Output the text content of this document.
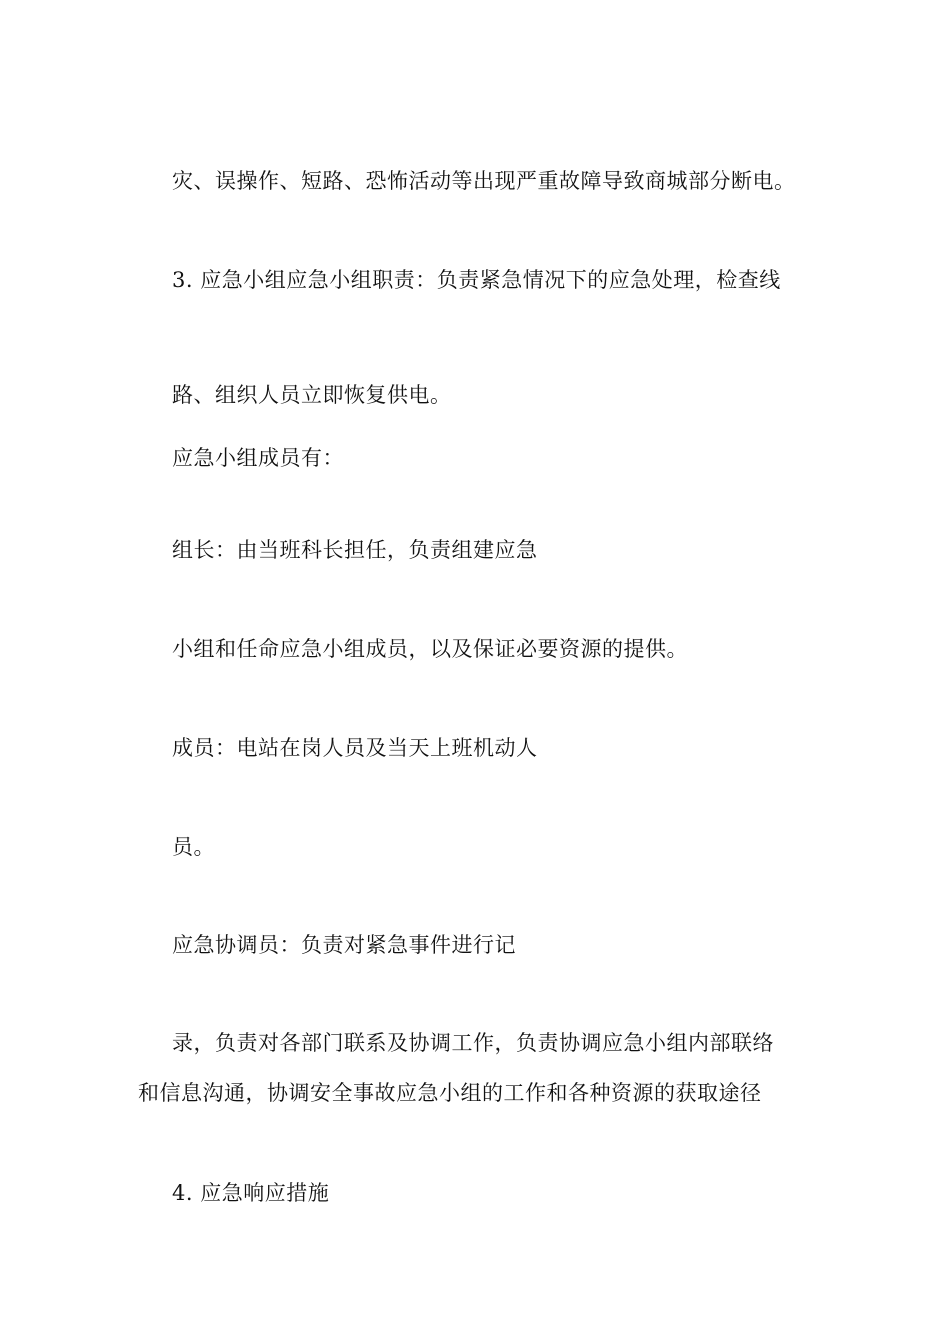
灾、误操作、短路、恐怖活动等出现严重故障导致商城部分断电。
3. 应急小组应急小组职责：负责紧急情况下的应急处理，检查线
路、组织人员立即恢复供电。
应急小组成员有：
组长：由当班科长担任，负责组建应急
小组和任命应急小组成员，以及保证必要资源的提供。
成员：电站在岗人员及当天上班机动人
员。
应急协调员：负责对紧急事件进行记
录，负责对各部门联系及协调工作，负责协调应急小组内部联络
和信息沟通，协调安全事故应急小组的工作和各种资源的获取途径
4. 应急响应措施
